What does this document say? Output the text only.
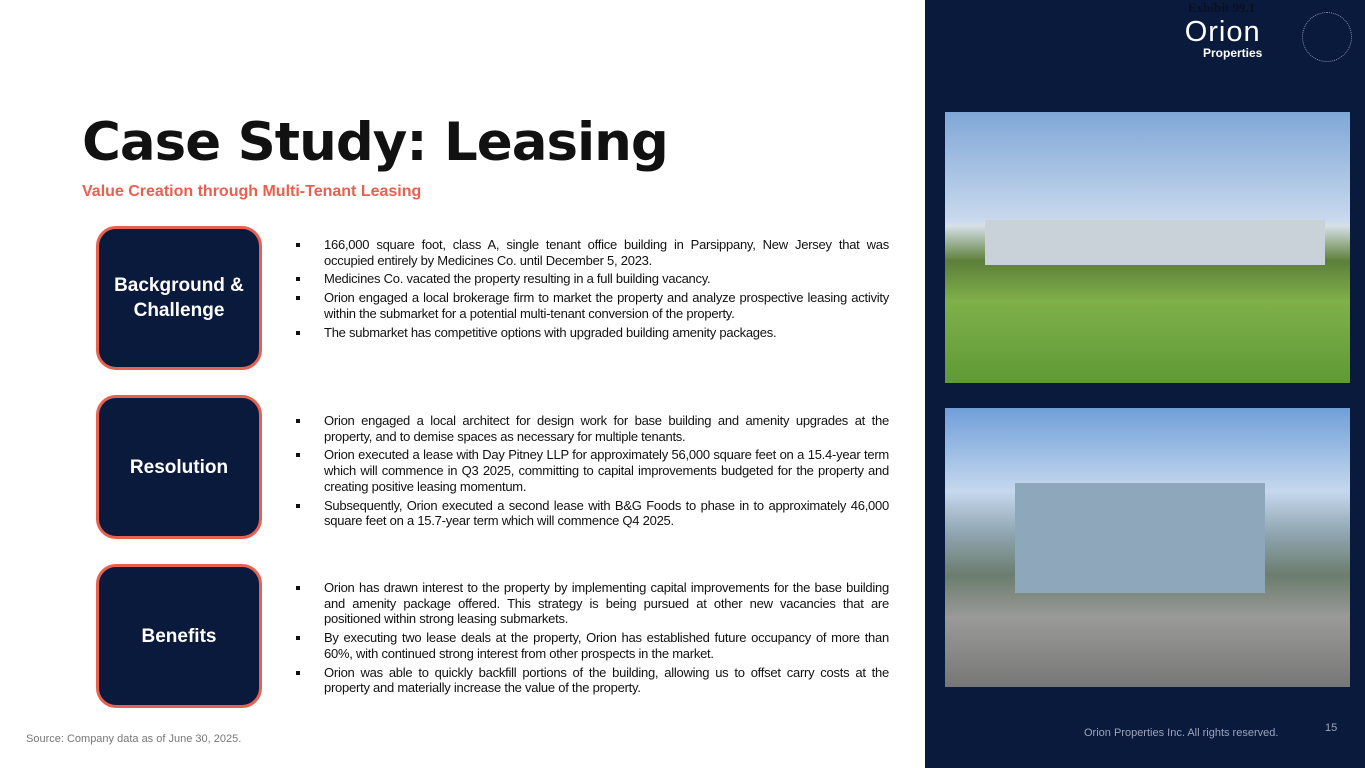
Exhibit 99.1
Orion
Properties
Case Study: Leasing
Value Creation through Multi-Tenant Leasing
Background & Challenge
Resolution
Benefits
166,000 square foot, class A, single tenant office building in Parsippany, New Jersey that was occupied entirely by Medicines Co. until December 5, 2023.
Medicines Co. vacated the property resulting in a full building vacancy.
Orion engaged a local brokerage firm to market the property and analyze prospective leasing activity within the submarket for a potential multi-tenant conversion of the property.
The submarket has competitive options with upgraded building amenity packages.
Orion engaged a local architect for design work for base building and amenity upgrades at the property, and to demise spaces as necessary for multiple tenants.
Orion executed a lease with Day Pitney LLP for approximately 56,000 square feet on a 15.4-year term which will commence in Q3 2025, committing to capital improvements budgeted for the property and creating positive leasing momentum.
Subsequently, Orion executed a second lease with B&G Foods to phase in to approximately 46,000 square feet on a 15.7-year term which will commence Q4 2025.
Orion has drawn interest to the property by implementing capital improvements for the base building and amenity package offered. This strategy is being pursued at other new vacancies that are positioned within strong leasing submarkets.
By executing two lease deals at the property, Orion has established future occupancy of more than 60%, with continued strong interest from other prospects in the market.
Orion was able to quickly backfill portions of the building, allowing us to offset carry costs at the property and materially increase the value of the property.
Source: Company data as of June 30, 2025.	Orion Properties Inc. All rights reserved.	15
